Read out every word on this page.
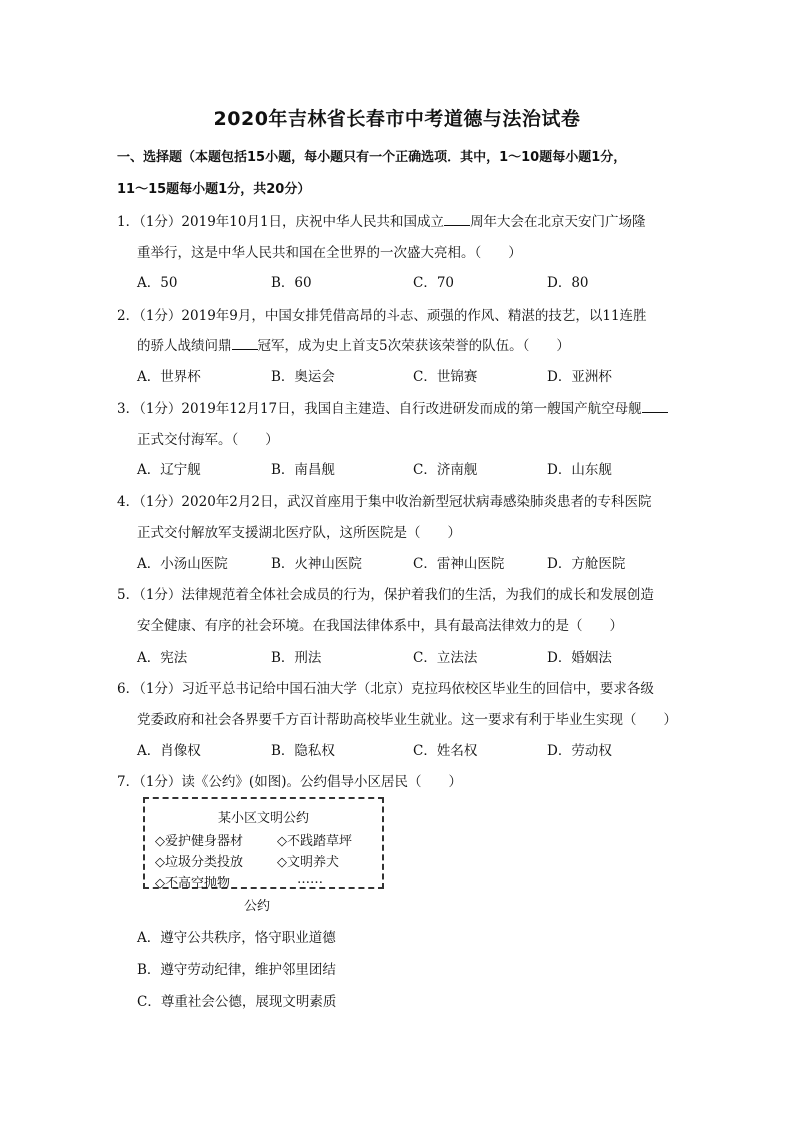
2020年吉林省长春市中考道德与法治试卷
一、选择题（本题包括15小题，每小题只有一个正确选项．其中，1～10题每小题1分，
11～15题每小题1分，共20分）
1．（1分）2019年10月1日，庆祝中华人民共和国成立 周年大会在北京天安门广场隆
重举行，这是中华人民共和国在全世界的一次盛大亮相。（　　）
A．50	B．60	C．70	D．80
2．（1分）2019年9月，中国女排凭借高昂的斗志、顽强的作风、精湛的技艺，以11连胜
的骄人战绩问鼎 冠军，成为史上首支5次荣获该荣誉的队伍。（　　）
A．世界杯	B．奥运会	C．世锦赛	D．亚洲杯
3．（1分）2019年12月17日，我国自主建造、自行改进研发而成的第一艘国产航空母舰
正式交付海军。（　　）
A．辽宁舰	B．南昌舰	C．济南舰	D．山东舰
4．（1分）2020年2月2日，武汉首座用于集中收治新型冠状病毒感染肺炎患者的专科医院
正式交付解放军支援湖北医疗队，这所医院是（　　）
A．小汤山医院	B．火神山医院	C．雷神山医院	D．方舱医院
5．（1分）法律规范着全体社会成员的行为，保护着我们的生活，为我们的成长和发展创造
安全健康、有序的社会环境。在我国法律体系中，具有最高法律效力的是（　　）
A．宪法	B．刑法	C．立法法	D．婚姻法
6．（1分）习近平总书记给中国石油大学（北京）克拉玛依校区毕业生的回信中，要求各级
党委政府和社会各界要千方百计帮助高校毕业生就业。这一要求有利于毕业生实现（　　）
A．肖像权	B．隐私权	C．姓名权	D．劳动权
7．（1分）读《公约》(如图)。公约倡导小区居民（　　）
某小区文明公约
◇爱护健身器材	◇不践踏草坪
◇垃圾分类投放	◇文明养犬
◇不高空抛物	……
公约
A．遵守公共秩序，恪守职业道德
B．遵守劳动纪律，维护邻里团结
C．尊重社会公德，展现文明素质
